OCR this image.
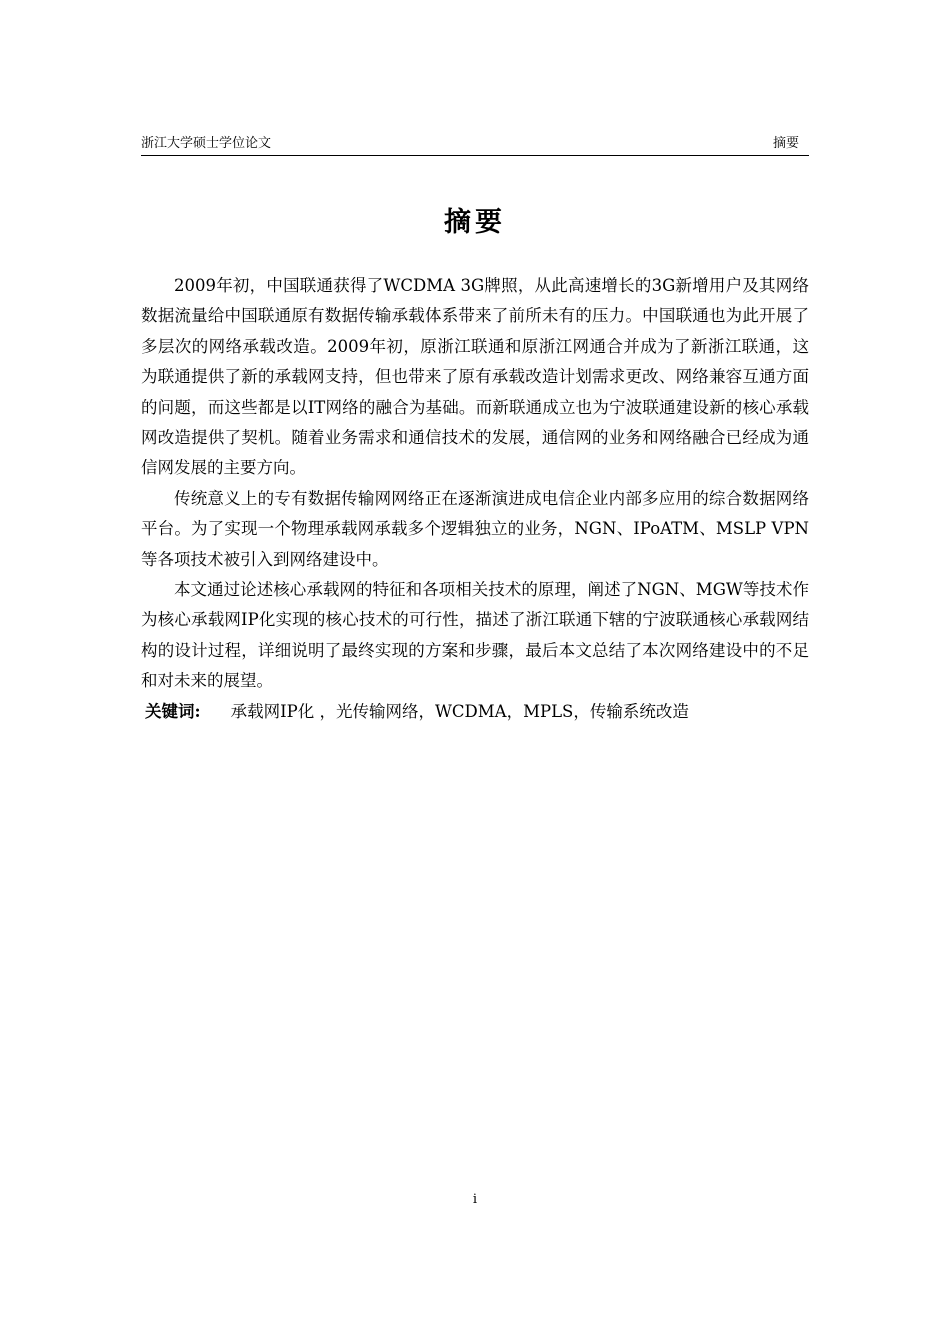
浙江大学硕士学位论文	摘要
摘要

2009年初，中国联通获得了WCDMA 3G牌照，从此高速增长的3G新增用户及其网络数据流量给中国联通原有数据传输承载体系带来了前所未有的压力。中国联通也为此开展了多层次的网络承载改造。2009年初，原浙江联通和原浙江网通合并成为了新浙江联通，这为联通提供了新的承载网支持，但也带来了原有承载改造计划需求更改、网络兼容互通方面的问题，而这些都是以IT网络的融合为基础。而新联通成立也为宁波联通建设新的核心承载网改造提供了契机。随着业务需求和通信技术的发展，通信网的业务和网络融合已经成为通信网发展的主要方向。

传统意义上的专有数据传输网网络正在逐渐演进成电信企业内部多应用的综合数据网络平台。为了实现一个物理承载网承载多个逻辑独立的业务，NGN、IPoATM、MSLP VPN等各项技术被引入到网络建设中。

本文通过论述核心承载网的特征和各项相关技术的原理，阐述了NGN、MGW等技术作为核心承载网IP化实现的核心技术的可行性，描述了浙江联通下辖的宁波联通核心承载网结构的设计过程，详细说明了最终实现的方案和步骤，最后本文总结了本次网络建设中的不足和对未来的展望。

关键词: 承载网IP化 ，光传输网络，WCDMA，MPLS，传输系统改造

i
